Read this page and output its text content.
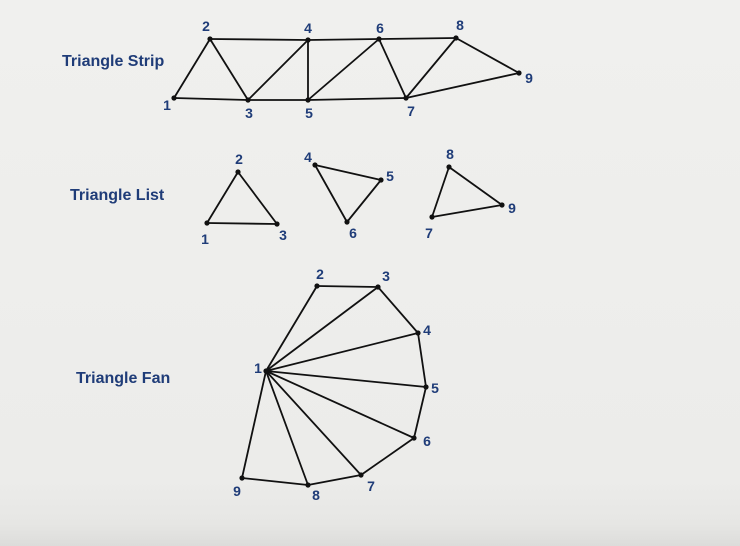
Triangle Strip
1
2
3
4
5
6
7
8
9
Triangle List
1
2
3
4
5
6	7
8
9
Triangle Fan
1
2	3
4
5
6
7
8
9
